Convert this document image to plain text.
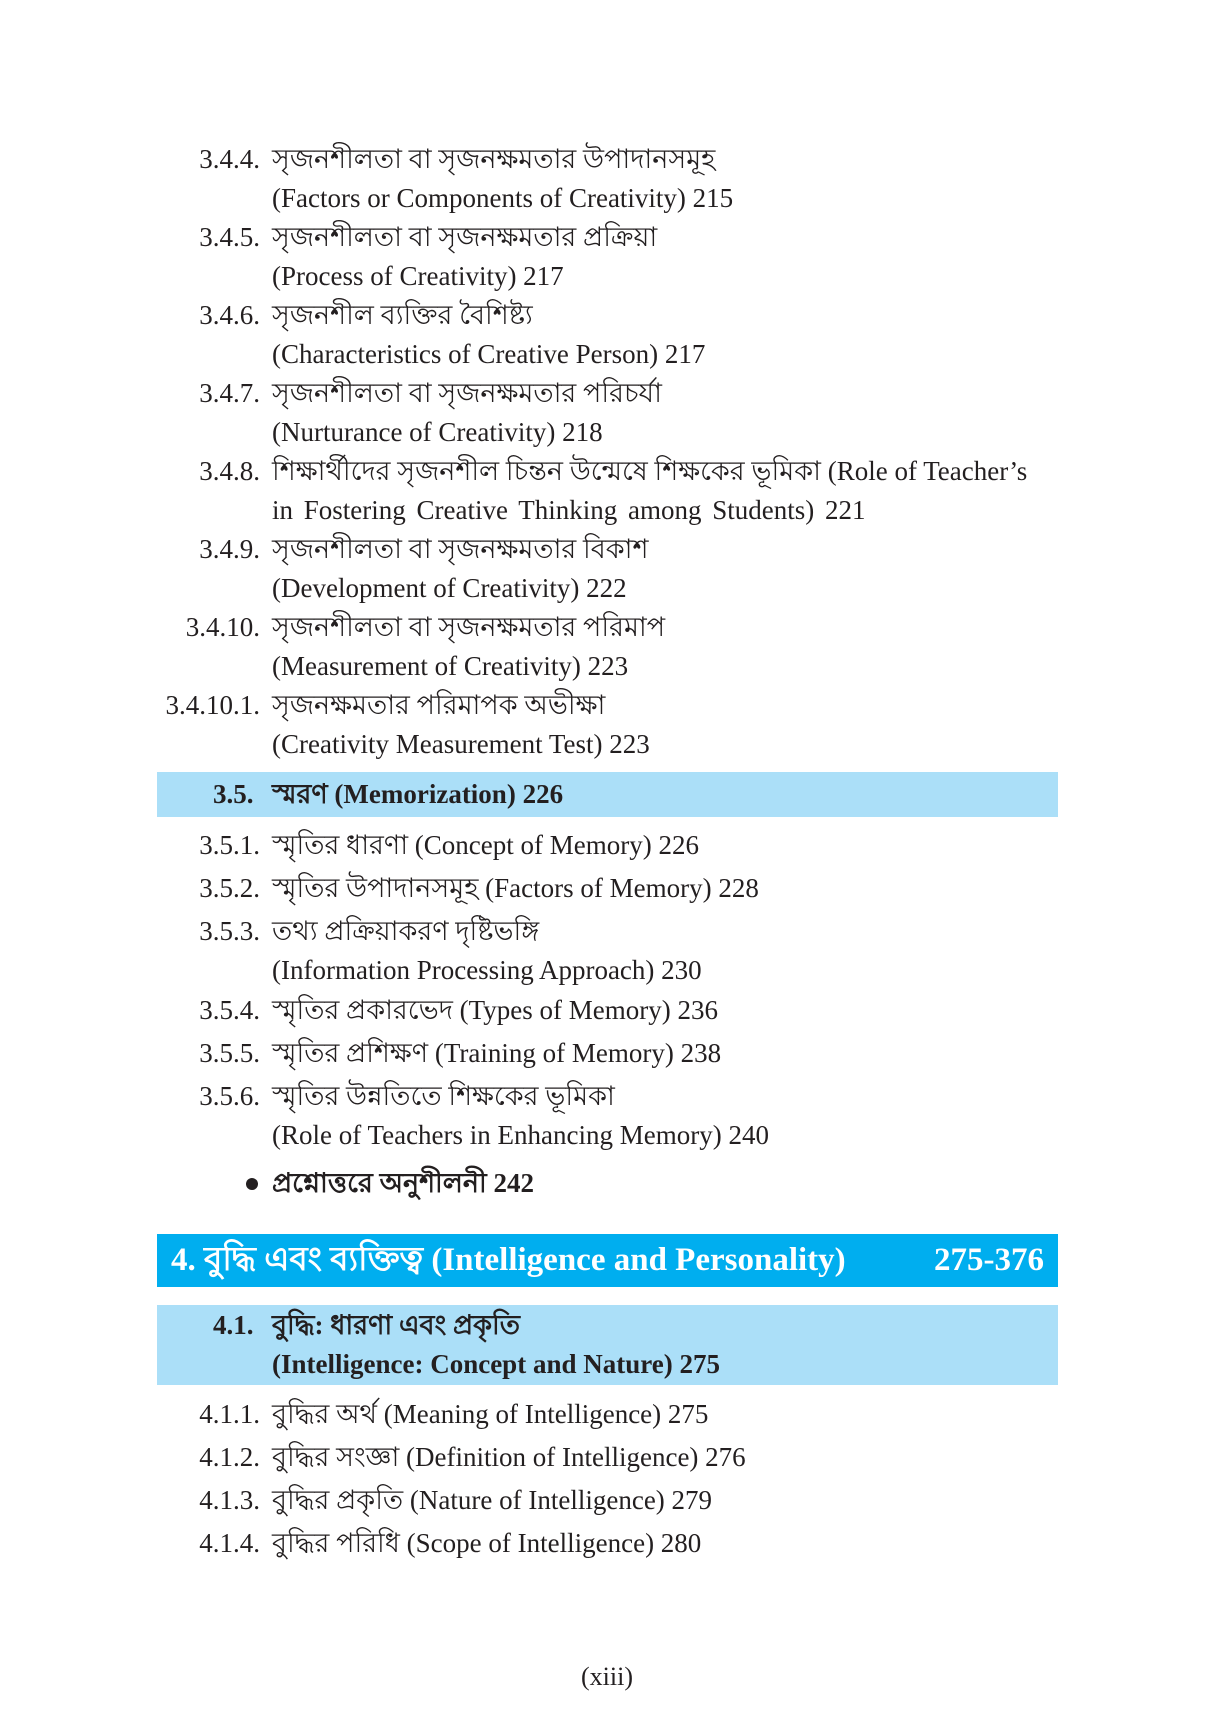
3.4.4. সৃজনশীলতা বা সৃজনক্ষমতার উপাদানসমূহ
(Factors or Components of Creativity) 215
3.4.5. সৃজনশীলতা বা সৃজনক্ষমতার প্রক্রিয়া
(Process of Creativity) 217
3.4.6. সৃজনশীল ব্যক্তির বৈশিষ্ট্য
(Characteristics of Creative Person) 217
3.4.7. সৃজনশীলতা বা সৃজনক্ষমতার পরিচর্যা
(Nurturance of Creativity) 218
3.4.8. শিক্ষার্থীদের সৃজনশীল চিন্তন উন্মেষে শিক্ষকের ভূমিকা (Role of Teacher’s
in Fostering Creative Thinking among Students) 221
3.4.9. সৃজনশীলতা বা সৃজনক্ষমতার বিকাশ
(Development of Creativity) 222
3.4.10. সৃজনশীলতা বা সৃজনক্ষমতার পরিমাপ
(Measurement of Creativity) 223
3.4.10.1. সৃজনক্ষমতার পরিমাপক অভীক্ষা
(Creativity Measurement Test) 223
3.5. স্মরণ (Memorization) 226
3.5.1. স্মৃতির ধারণা (Concept of Memory) 226
3.5.2. স্মৃতির উপাদানসমূহ (Factors of Memory) 228
3.5.3. তথ্য প্রক্রিয়াকরণ দৃষ্টিভঙ্গি
(Information Processing Approach) 230
3.5.4. স্মৃতির প্রকারভেদ (Types of Memory) 236
3.5.5. স্মৃতির প্রশিক্ষণ (Training of Memory) 238
3.5.6. স্মৃতির উন্নতিতে শিক্ষকের ভূমিকা
(Role of Teachers in Enhancing Memory) 240
প্রশ্নোত্তরে অনুশীলনী 242
4. বুদ্ধি এবং ব্যক্তিত্ব (Intelligence and Personality)	275-376
4.1. বুদ্ধি: ধারণা এবং প্রকৃতি
(Intelligence: Concept and Nature) 275
4.1.1. বুদ্ধির অর্থ (Meaning of Intelligence) 275
4.1.2. বুদ্ধির সংজ্ঞা (Definition of Intelligence) 276
4.1.3. বুদ্ধির প্রকৃতি (Nature of Intelligence) 279
4.1.4. বুদ্ধির পরিধি (Scope of Intelligence) 280
(xiii)
